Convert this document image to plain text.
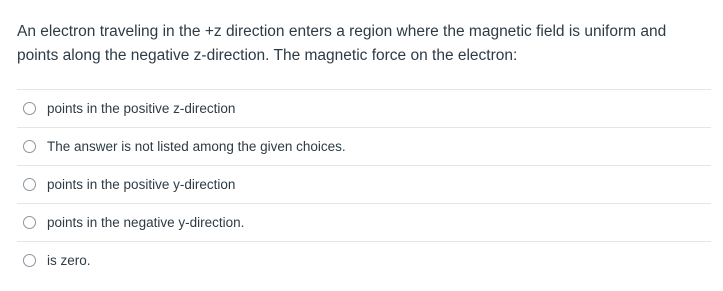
An electron traveling in the +z direction enters a region where the magnetic field is uniform and points along the negative z-direction. The magnetic force on the electron:
points in the positive z-direction
The answer is not listed among the given choices.
points in the positive y-direction
points in the negative y-direction.
is zero.
